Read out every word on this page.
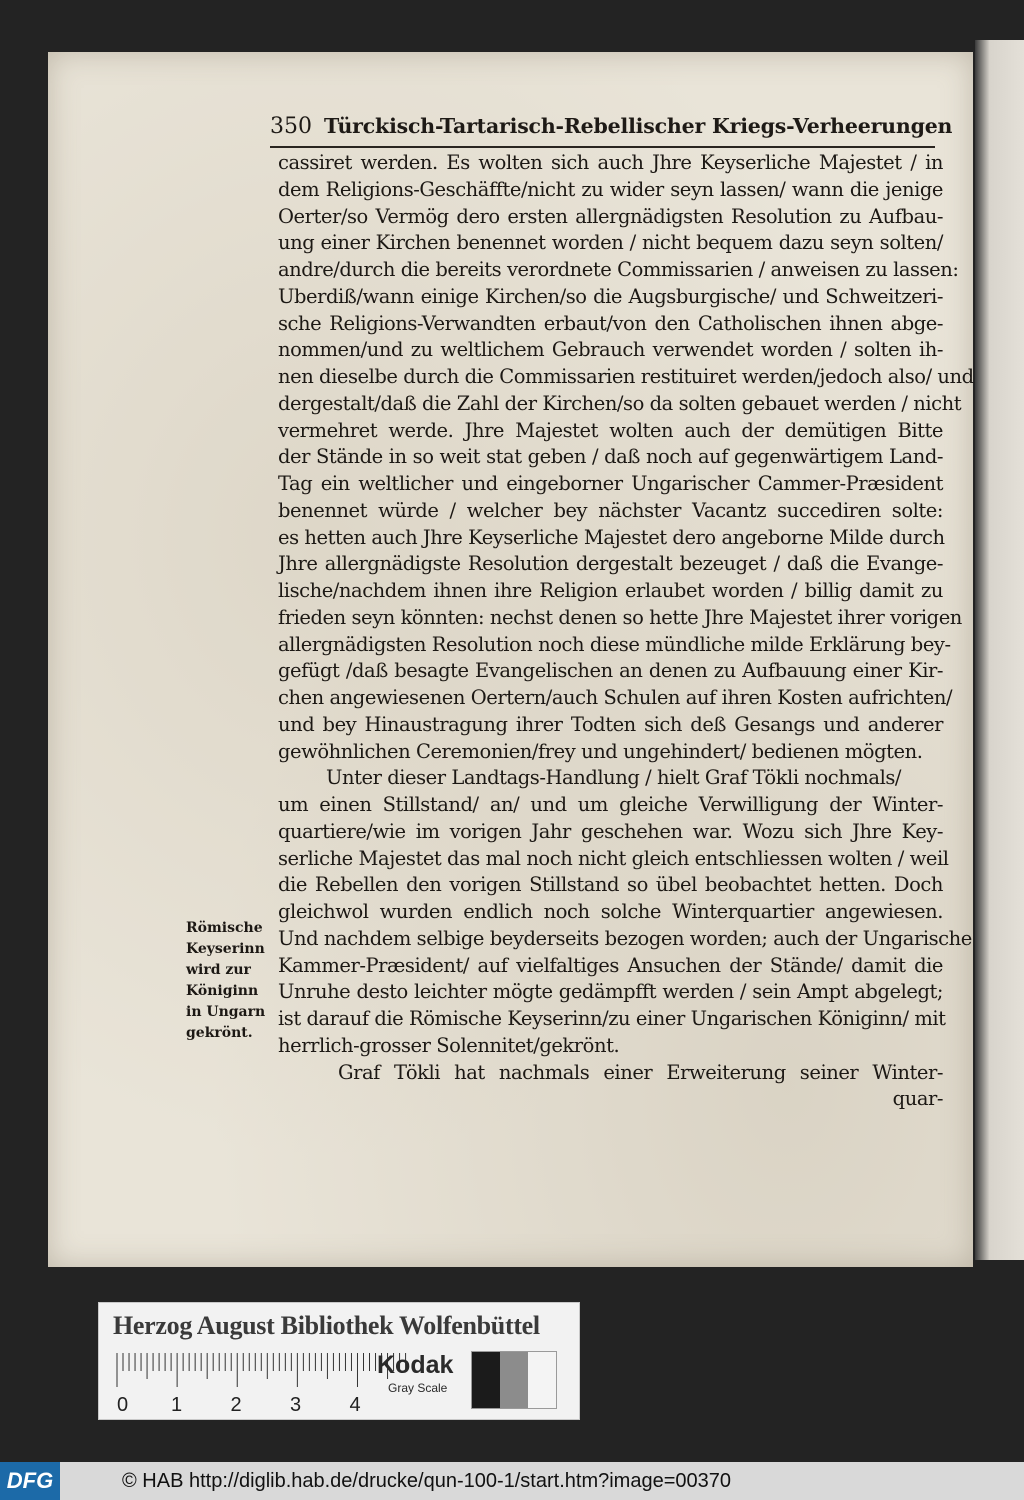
350 Türckisch-Tartarisch-Rebellischer Kriegs-Verheerungen
cassiret werden. Es wolten sich auch Jhre Keyserliche Majestet / in
dem Religions-Geschäffte/nicht zu wider seyn lassen/ wann die jenige
Oerter/so Vermög dero ersten allergnädigsten Resolution zu Aufbau-
ung einer Kirchen benennet worden / nicht bequem dazu seyn solten/
andre/durch die bereits verordnete Commissarien / anweisen zu lassen:
Uberdiß/wann einige Kirchen/so die Augsburgische/ und Schweitzeri-
sche Religions-Verwandten erbaut/von den Catholischen ihnen abge-
nommen/und zu weltlichem Gebrauch verwendet worden / solten ih-
nen dieselbe durch die Commissarien restituiret werden/jedoch also/ und
dergestalt/daß die Zahl der Kirchen/so da solten gebauet werden / nicht
vermehret werde. Jhre Majestet wolten auch der demütigen Bitte
der Stände in so weit stat geben / daß noch auf gegenwärtigem Land-
Tag ein weltlicher und eingeborner Ungarischer Cammer-Præsident
benennet würde / welcher bey nächster Vacantz succediren solte:
es hetten auch Jhre Keyserliche Majestet dero angeborne Milde durch
Jhre allergnädigste Resolution dergestalt bezeuget / daß die Evange-
lische/nachdem ihnen ihre Religion erlaubet worden / billig damit zu
frieden seyn könnten: nechst denen so hette Jhre Majestet ihrer vorigen
allergnädigsten Resolution noch diese mündliche milde Erklärung bey-
gefügt /daß besagte Evangelischen an denen zu Aufbauung einer Kir-
chen angewiesenen Oertern/auch Schulen auf ihren Kosten aufrichten/
und bey Hinaustragung ihrer Todten sich deß Gesangs und anderer
gewöhnlichen Ceremonien/frey und ungehindert/ bedienen mögten.
Unter dieser Landtags-Handlung / hielt Graf Tökli nochmals/
um einen Stillstand/ an/ und um gleiche Verwilligung der Winter-
quartiere/wie im vorigen Jahr geschehen war. Wozu sich Jhre Key-
serliche Majestet das mal noch nicht gleich entschliessen wolten / weil
die Rebellen den vorigen Stillstand so übel beobachtet hetten. Doch
gleichwol wurden endlich noch solche Winterquartier angewiesen.
Und nachdem selbige beyderseits bezogen worden; auch der Ungarische
Kammer-Præsident/ auf vielfaltiges Ansuchen der Stände/ damit die
Unruhe desto leichter mögte gedämpfft werden / sein Ampt abgelegt;
ist darauf die Römische Keyserinn/zu einer Ungarischen Königinn/ mit
herrlich-grosser Solennitet/gekrönt.
Graf Tökli hat nachmals einer Erweiterung seiner Winter-
quar-
Römische
Keyserinn
wird zur
Königinn
in Ungarn
gekrönt.
Herzog August Bibliothek Wolfenbüttel
0 1 2 3 4
Kodak
Gray Scale
DFG	© HAB http://diglib.hab.de/drucke/qun-100-1/start.htm?image=00370
